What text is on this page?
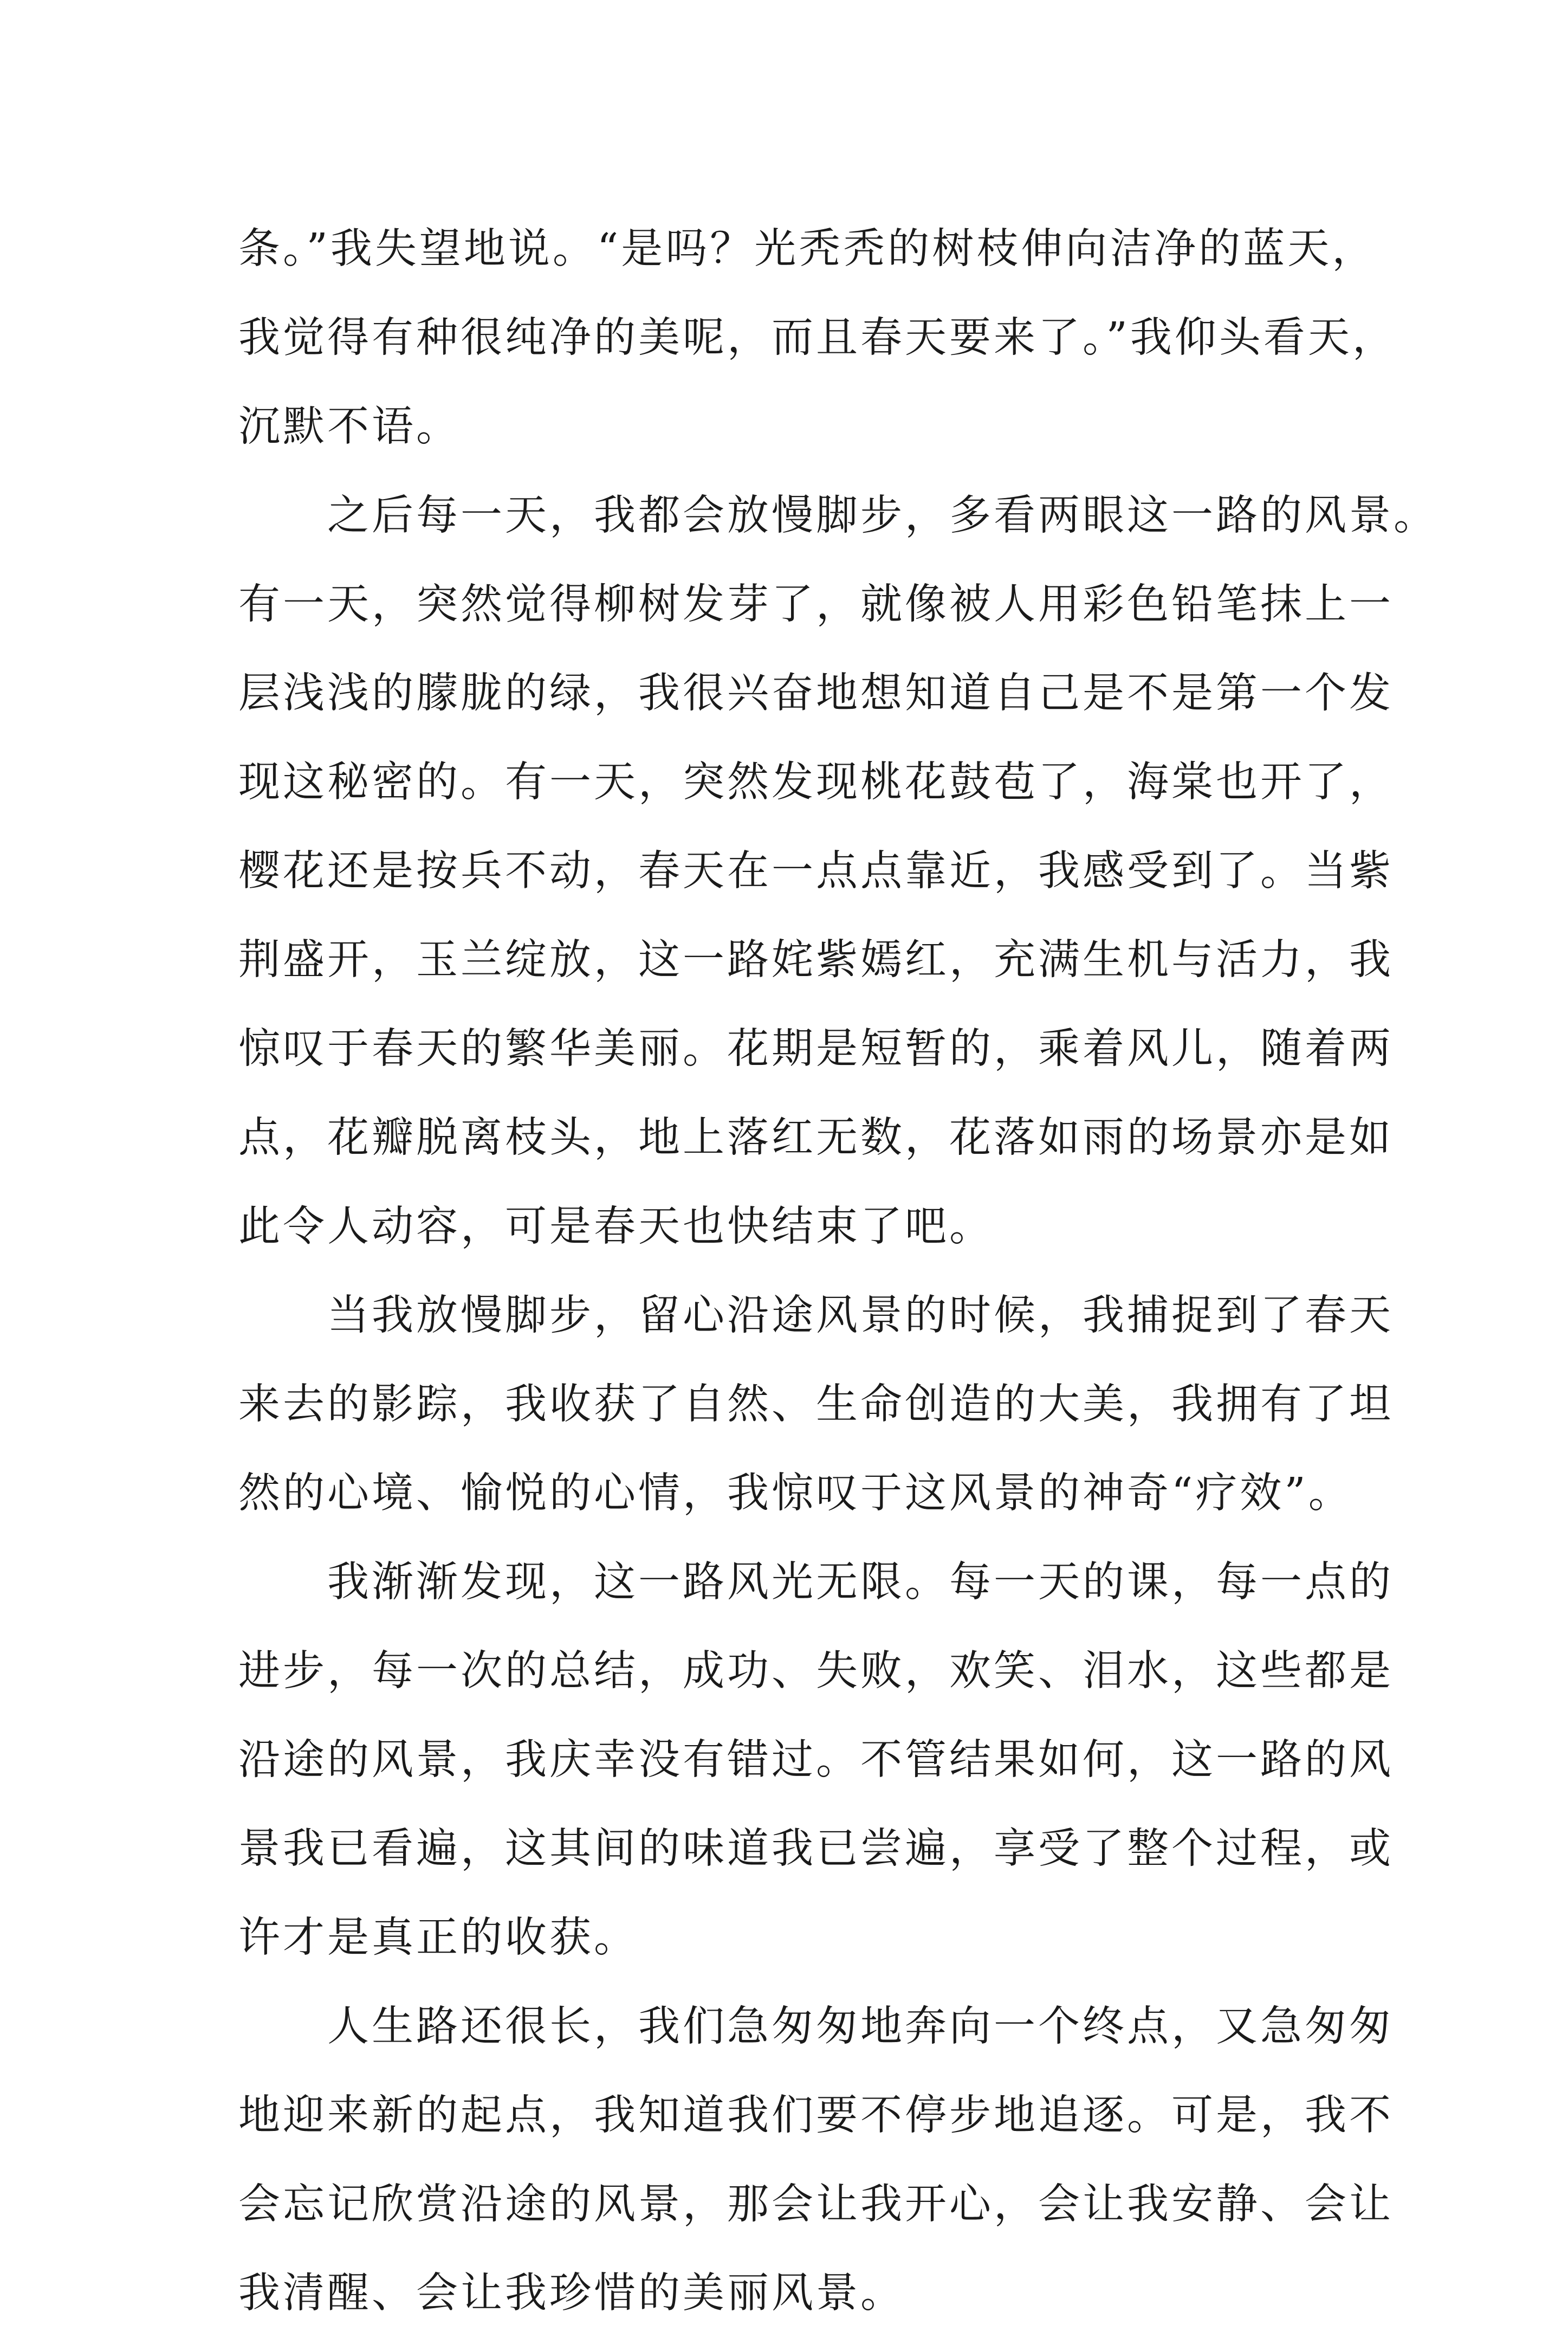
条。”我失望地说。“是吗？光秃秃的树枝伸向洁净的蓝天，
我觉得有种很纯净的美呢，而且春天要来了。”我仰头看天，
沉默不语。
之后每一天，我都会放慢脚步，多看两眼这一路的风景。
有一天，突然觉得柳树发芽了，就像被人用彩色铅笔抹上一
层浅浅的朦胧的绿，我很兴奋地想知道自己是不是第一个发
现这秘密的。有一天，突然发现桃花鼓苞了，海棠也开了，
樱花还是按兵不动，春天在一点点靠近，我感受到了。当紫
荆盛开，玉兰绽放，这一路姹紫嫣红，充满生机与活力，我
惊叹于春天的繁华美丽。花期是短暂的，乘着风儿，随着两
点，花瓣脱离枝头，地上落红无数，花落如雨的场景亦是如
此令人动容，可是春天也快结束了吧。
当我放慢脚步，留心沿途风景的时候，我捕捉到了春天
来去的影踪，我收获了自然、生命创造的大美，我拥有了坦
然的心境、愉悦的心情，我惊叹于这风景的神奇“疗效”。
我渐渐发现，这一路风光无限。每一天的课，每一点的
进步，每一次的总结，成功、失败，欢笑、泪水，这些都是
沿途的风景，我庆幸没有错过。不管结果如何，这一路的风
景我已看遍，这其间的味道我已尝遍，享受了整个过程，或
许才是真正的收获。
人生路还很长，我们急匆匆地奔向一个终点，又急匆匆
地迎来新的起点，我知道我们要不停步地追逐。可是，我不
会忘记欣赏沿途的风景，那会让我开心，会让我安静、会让
我清醒、会让我珍惜的美丽风景。
